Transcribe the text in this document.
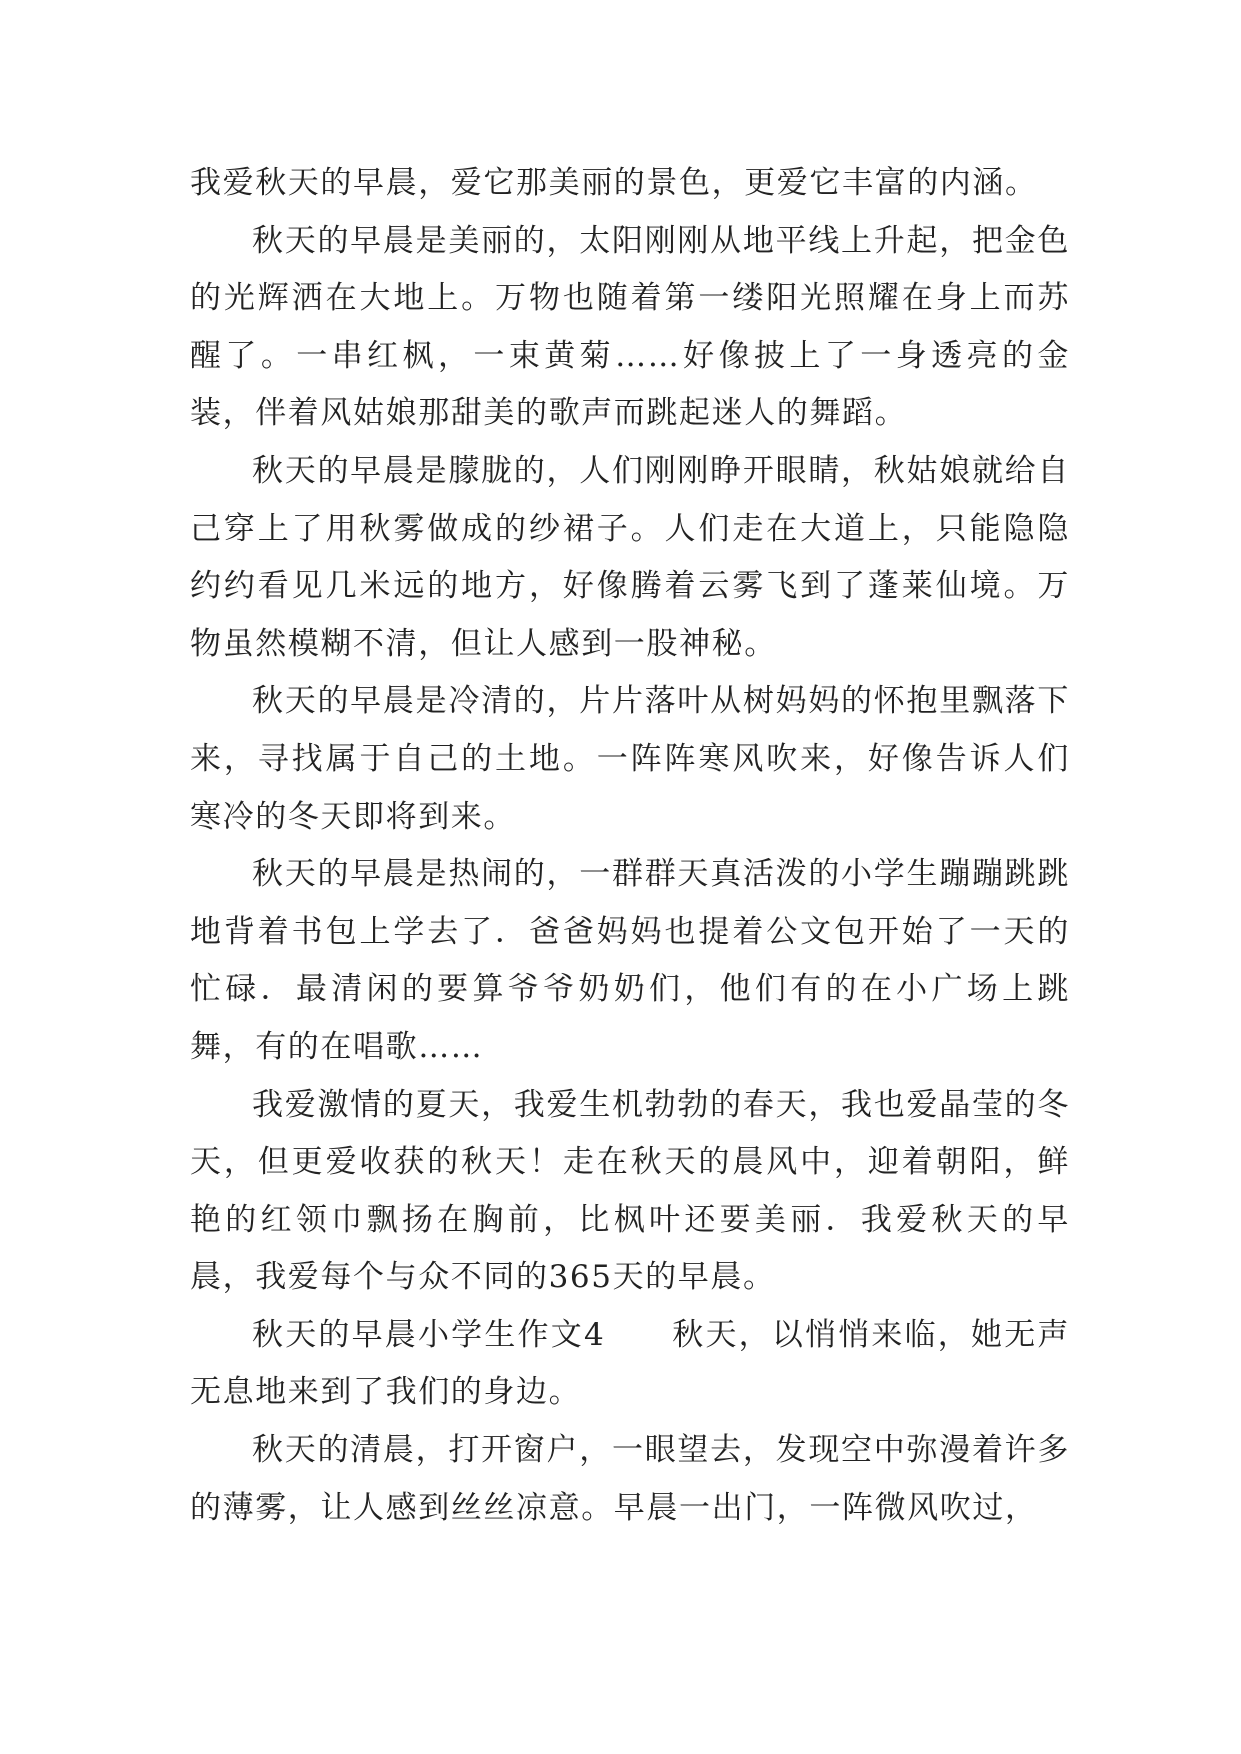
我爱秋天的早晨，爱它那美丽的景色，更爱它丰富的内涵。

秋天的早晨是美丽的，太阳刚刚从地平线上升起，把金色的光辉洒在大地上。万物也随着第一缕阳光照耀在身上而苏醒了。一串红枫，一束黄菊……好像披上了一身透亮的金装，伴着风姑娘那甜美的歌声而跳起迷人的舞蹈。

秋天的早晨是朦胧的，人们刚刚睁开眼睛，秋姑娘就给自己穿上了用秋雾做成的纱裙子。人们走在大道上，只能隐隐约约看见几米远的地方，好像腾着云雾飞到了蓬莱仙境。万物虽然模糊不清，但让人感到一股神秘。

秋天的早晨是冷清的，片片落叶从树妈妈的怀抱里飘落下来，寻找属于自己的土地。一阵阵寒风吹来，好像告诉人们寒冷的冬天即将到来。

秋天的早晨是热闹的，一群群天真活泼的小学生蹦蹦跳跳地背着书包上学去了．爸爸妈妈也提着公文包开始了一天的忙碌．最清闲的要算爷爷奶奶们，他们有的在小广场上跳舞，有的在唱歌……

我爱激情的夏天，我爱生机勃勃的春天，我也爱晶莹的冬天，但更爱收获的秋天！走在秋天的晨风中，迎着朝阳，鲜艳的红领巾飘扬在胸前，比枫叶还要美丽．我爱秋天的早晨，我爱每个与众不同的365天的早晨。

秋天的早晨小学生作文4　　秋天，以悄悄来临，她无声无息地来到了我们的身边。

秋天的清晨，打开窗户，一眼望去，发现空中弥漫着许多的薄雾，让人感到丝丝凉意。早晨一出门，一阵微风吹过，
